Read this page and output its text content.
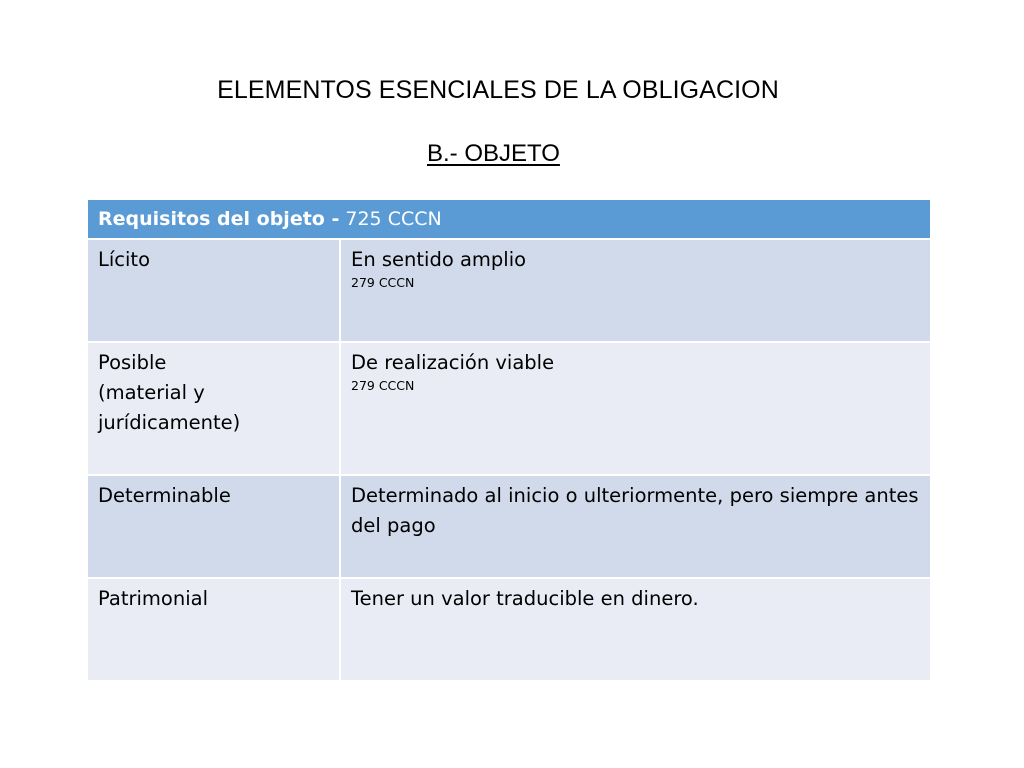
ELEMENTOS ESENCIALES DE LA OBLIGACION
B.- OBJETO
Requisitos del objeto - 725 CCCN	

Lícito	En sentido amplio
279 CCCN

Posible
(material y
jurídicamente)	De realización viable
279 CCCN

Determinable	Determinado al inicio o ulteriormente, pero siempre antes del pago

Patrimonial	Tener un valor traducible en dinero.
